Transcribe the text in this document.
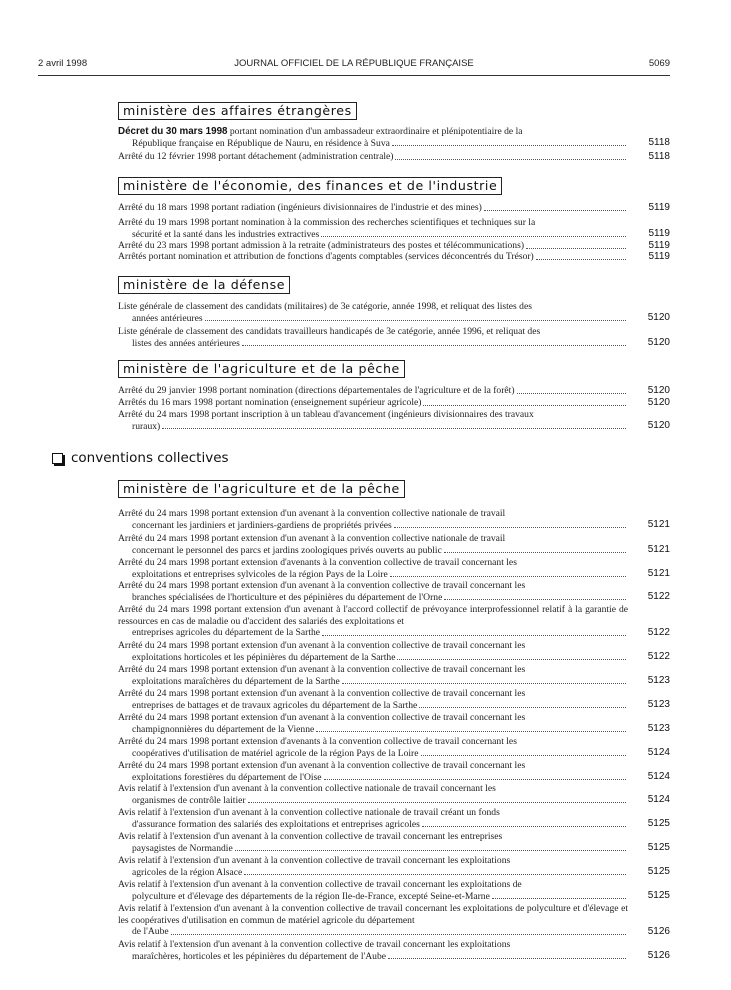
2 avril 1998	JOURNAL OFFICIEL DE LA RÉPUBLIQUE FRANÇAISE	5069
ministère des affaires étrangères
Décret du 30 mars 1998 portant nomination d'un ambassadeur extraordinaire et plénipotentiaire de la
République française en République de Nauru, en résidence à Suva	5118
Arrêté du 12 février 1998 portant détachement (administration centrale)	5118
ministère de l'économie, des finances et de l'industrie
Arrêté du 18 mars 1998 portant radiation (ingénieurs divisionnaires de l'industrie et des mines)	5119
Arrêté du 19 mars 1998 portant nomination à la commission des recherches scientifiques et techniques sur la
sécurité et la santé dans les industries extractives	5119
Arrêté du 23 mars 1998 portant admission à la retraite (administrateurs des postes et télécommunications)	5119
Arrêtés portant nomination et attribution de fonctions d'agents comptables (services déconcentrés du Trésor)	5119
ministère de la défense
Liste générale de classement des candidats (militaires) de 3e catégorie, année 1998, et reliquat des listes des
années antérieures	5120
Liste générale de classement des candidats travailleurs handicapés de 3e catégorie, année 1996, et reliquat des
listes des années antérieures	5120
ministère de l'agriculture et de la pêche
Arrêté du 29 janvier 1998 portant nomination (directions départementales de l'agriculture et de la forêt)	5120
Arrêtés du 16 mars 1998 portant nomination (enseignement supérieur agricole)	5120
Arrêté du 24 mars 1998 portant inscription à un tableau d'avancement (ingénieurs divisionnaires des travaux
ruraux)	5120
ministère de l'agriculture et de la pêche
Arrêté du 24 mars 1998 portant extension d'un avenant à la convention collective nationale de travail
concernant les jardiniers et jardiniers-gardiens de propriétés privées	5121
Arrêté du 24 mars 1998 portant extension d'un avenant à la convention collective nationale de travail
concernant le personnel des parcs et jardins zoologiques privés ouverts au public	5121
Arrêté du 24 mars 1998 portant extension d'avenants à la convention collective de travail concernant les
exploitations et entreprises sylvicoles de la région Pays de la Loire	5121
Arrêté du 24 mars 1998 portant extension d'un avenant à la convention collective de travail concernant les
branches spécialisées de l'horticulture et des pépinières du département de l'Orne	5122
Arrêté du 24 mars 1998 portant extension d'un avenant à l'accord collectif de prévoyance interprofessionnel relatif à la garantie de ressources en cas de maladie ou d'accident des salariés des exploitations et
entreprises agricoles du département de la Sarthe	5122
Arrêté du 24 mars 1998 portant extension d'un avenant à la convention collective de travail concernant les
exploitations horticoles et les pépinières du département de la Sarthe	5122
Arrêté du 24 mars 1998 portant extension d'un avenant à la convention collective de travail concernant les
exploitations maraîchères du département de la Sarthe	5123
Arrêté du 24 mars 1998 portant extension d'un avenant à la convention collective de travail concernant les
entreprises de battages et de travaux agricoles du département de la Sarthe	5123
Arrêté du 24 mars 1998 portant extension d'un avenant à la convention collective de travail concernant les
champignonnières du département de la Vienne	5123
Arrêté du 24 mars 1998 portant extension d'avenants à la convention collective de travail concernant les
coopératives d'utilisation de matériel agricole de la région Pays de la Loire	5124
Arrêté du 24 mars 1998 portant extension d'un avenant à la convention collective de travail concernant les
exploitations forestières du département de l'Oise	5124
Avis relatif à l'extension d'un avenant à la convention collective nationale de travail concernant les
organismes de contrôle laitier	5124
Avis relatif à l'extension d'un avenant à la convention collective nationale de travail créant un fonds
d'assurance formation des salariés des exploitations et entreprises agricoles	5125
Avis relatif à l'extension d'un avenant à la convention collective de travail concernant les entreprises
paysagistes de Normandie	5125
Avis relatif à l'extension d'un avenant à la convention collective de travail concernant les exploitations
agricoles de la région Alsace	5125
Avis relatif à l'extension d'un avenant à la convention collective de travail concernant les exploitations de
polyculture et d'élevage des départements de la région Ile-de-France, excepté Seine-et-Marne	5125
Avis relatif à l'extension d'un avenant à la convention collective de travail concernant les exploitations de polyculture et d'élevage et les coopératives d'utilisation en commun de matériel agricole du département
de l'Aube	5126
Avis relatif à l'extension d'un avenant à la convention collective de travail concernant les exploitations
maraîchères, horticoles et les pépinières du département de l'Aube	5126
conventions collectives
